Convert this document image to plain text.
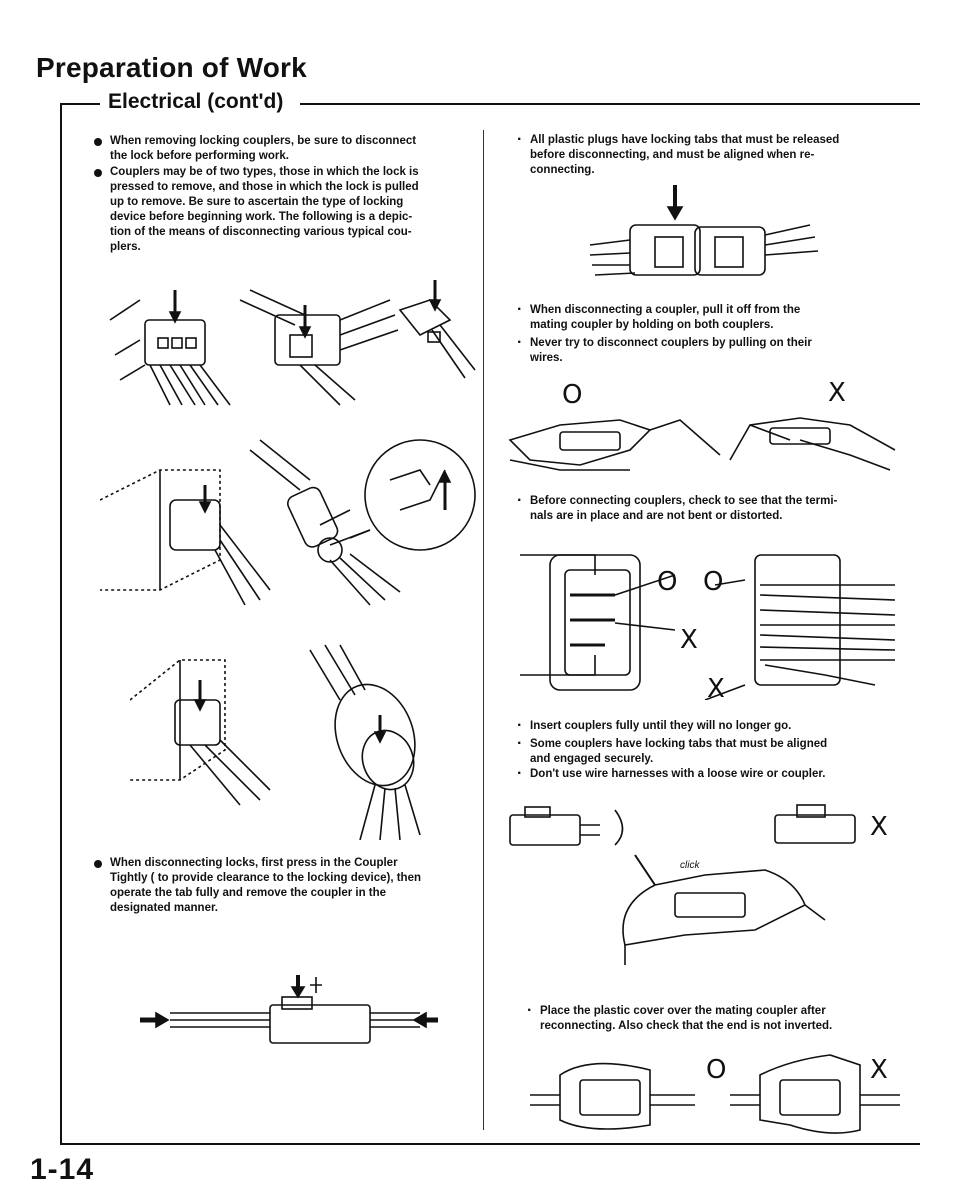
Preparation of Work
Electrical (cont'd)

When removing locking couplers, be sure to disconnect

the lock before performing work.

Couplers may be of two types, those in which the lock is

pressed to remove, and those in which the lock is pulled

up to remove. Be sure to ascertain the type of locking

device before beginning work. The following is a depic-

tion of the means of disconnecting various typical cou-

plers.

When disconnecting locks, first press in the Coupler

Tightly ( to provide clearance to the locking device), then

operate the tab fully and remove the coupler in the

designated manner.

· All plastic plugs have locking tabs that must be released

before disconnecting, and must be aligned when re-

connecting.

· When disconnecting a coupler, pull it off from the

mating coupler by holding on both couplers.

· Never try to disconnect couplers by pulling on their

wires.

O	X

· Before connecting couplers, check to see that the termi-

nals are in place and are not bent or distorted.

O O
X
X

· Insert couplers fully until they will no longer go.

· Some couplers have locking tabs that must be aligned

and engaged securely.

· Don't use wire harnesses with a loose wire or coupler.

X
click

· Place the plastic cover over the mating coupler after

reconnecting. Also check that the end is not inverted.

O	X
1-14
